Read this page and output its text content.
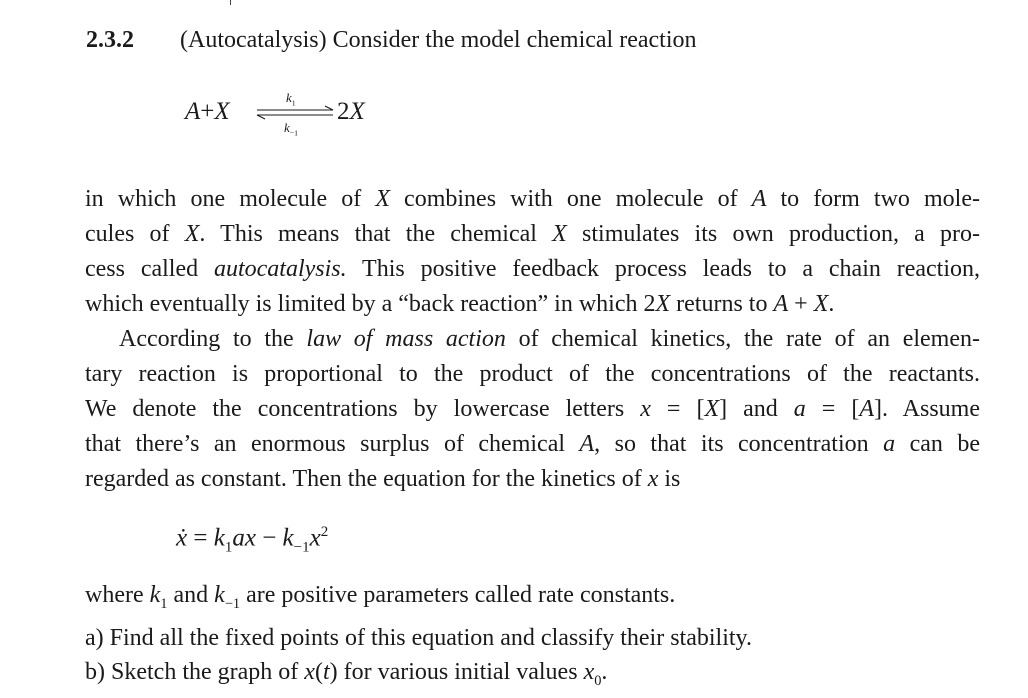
2.3.2 (Autocatalysis) Consider the model chemical reaction
A+X ⇌
$k_1$
$k_{-1}$
2X
in which one molecule of X combines with one molecule of A to form two mole-
cules of X. This means that the chemical X stimulates its own production, a pro-
cess called autocatalysis. This positive feedback process leads to a chain reaction,
which eventually is limited by a “back reaction” in which 2X returns to A + X.
According to the law of mass action of chemical kinetics, the rate of an elemen-
tary reaction is proportional to the product of the concentrations of the reactants.
We denote the concentrations by lowercase letters x = [X] and a = [A]. Assume
that there’s an enormous surplus of chemical A, so that its concentration a can be
regarded as constant. Then the equation for the kinetics of x is
ẋ = $k_1ax - k_{-1}x^2$
where $k_1$ and $k_{-1}$ are positive parameters called rate constants.
a) Find all the fixed points of this equation and classify their stability.
b) Sketch the graph of x(t) for various initial values $x_0$.
